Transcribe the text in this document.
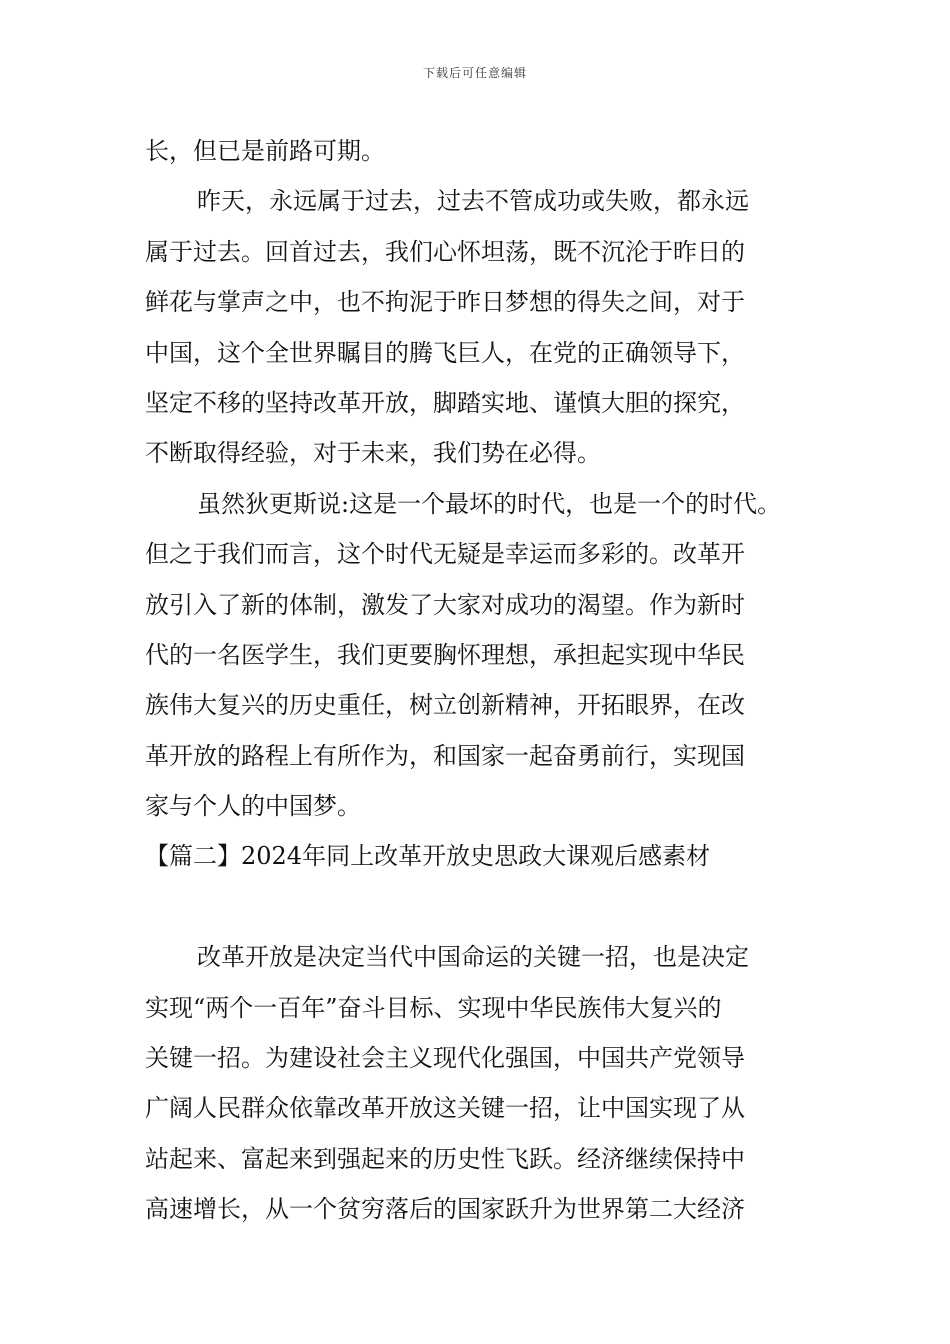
下载后可任意编辑
长，但已是前路可期。
昨天，永远属于过去，过去不管成功或失败，都永远
属于过去。回首过去，我们心怀坦荡，既不沉沦于昨日的
鲜花与掌声之中，也不拘泥于昨日梦想的得失之间，对于
中国，这个全世界瞩目的腾飞巨人，在党的正确领导下，
坚定不移的坚持改革开放，脚踏实地、谨慎大胆的探究，
不断取得经验，对于未来，我们势在必得。
虽然狄更斯说:这是一个最坏的时代，也是一个的时代。
但之于我们而言，这个时代无疑是幸运而多彩的。改革开
放引入了新的体制，激发了大家对成功的渴望。作为新时
代的一名医学生，我们更要胸怀理想，承担起实现中华民
族伟大复兴的历史重任，树立创新精神，开拓眼界，在改
革开放的路程上有所作为，和国家一起奋勇前行，实现国
家与个人的中国梦。
【篇二】2024年同上改革开放史思政大课观后感素材
改革开放是决定当代中国命运的关键一招，也是决定
实现“两个一百年”奋斗目标、实现中华民族伟大复兴的
关键一招。为建设社会主义现代化强国，中国共产党领导
广阔人民群众依靠改革开放这关键一招，让中国实现了从
站起来、富起来到强起来的历史性飞跃。经济继续保持中
高速增长，从一个贫穷落后的国家跃升为世界第二大经济
